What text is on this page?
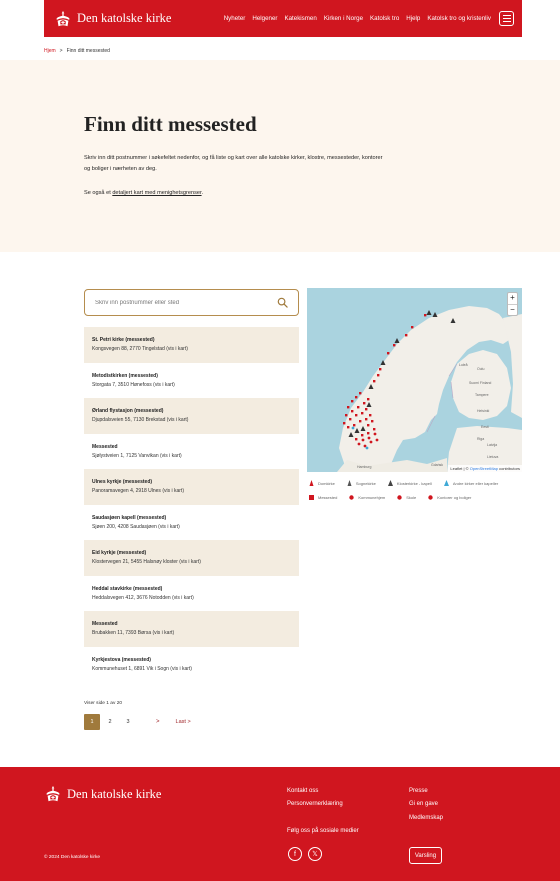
Den katolske kirke	Nyheter Helgener Katekismen Kirken i Norge Katolsk tro Hjelp Katolsk tro og kristenliv
Finn ditt messested

Skriv inn ditt postnummer i søkefeltet nedenfor, og få liste og kart over alle katolske kirker, klostre, messesteder, kontorer og boliger i nærheten av deg.

Se også et detaljert kart med menighetsgrenser.

Hjem > Finn ditt messested
Skriv inn postnummer eller sted
St. Petri kirke (messested)
Kongsvegen 88, 2770 Tingelstad (vis i kart)
Metodistkirken (messested)
Storgata 7, 3510 Hønefoss (vis i kart)
Ørland flystasjon (messested)
Djupdalsveien 55, 7130 Brekstad (vis i kart)
Messested
Sjølystveien 1, 7125 Vanvikan (vis i kart)
Ulnes kyrkje (messested)
Panoramavegen 4, 2918 Ulnes (vis i kart)
Saudasjøen kapell (messested)
Sjøen 200, 4208 Saudasjøen (vis i kart)
Eid kyrkje (messested)
Klostervegen 21, 5455 Halsnøy kloster (vis i kart)
Heddal stavkirke (messested)
Heddalsvegen 412, 3676 Notodden (vis i kart)
Messested
Brubakken 11, 7393 Børsa (vis i kart)
Kyrkjestova (messested)
Kommunehuset 1, 6891 Vik i Sogn (vis i kart)
Viser side 1 av 20
1	2	3	>	Last >
Luleå
Oulu
Suomi Finland
Tampere
Helsinki
Eesti
Riga
Latvija
Lietuva
Hamburg	Gdańsk
+
−
Leaflet | © OpenStreetMap contributors
Domkirke	Sognekirke	Klosterkirke - kapell	Andre kirker eller kapeller
Messested	Kommunehjem	Skole	Kontorer og boliger
Den katolske kirke	Kontakt oss
Personvernerklæring
Presse
Gi en gave
Medlemskap
Følg oss på sosiale medier
f	𝕏
© 2024 Den katolske kirke	Varsling
